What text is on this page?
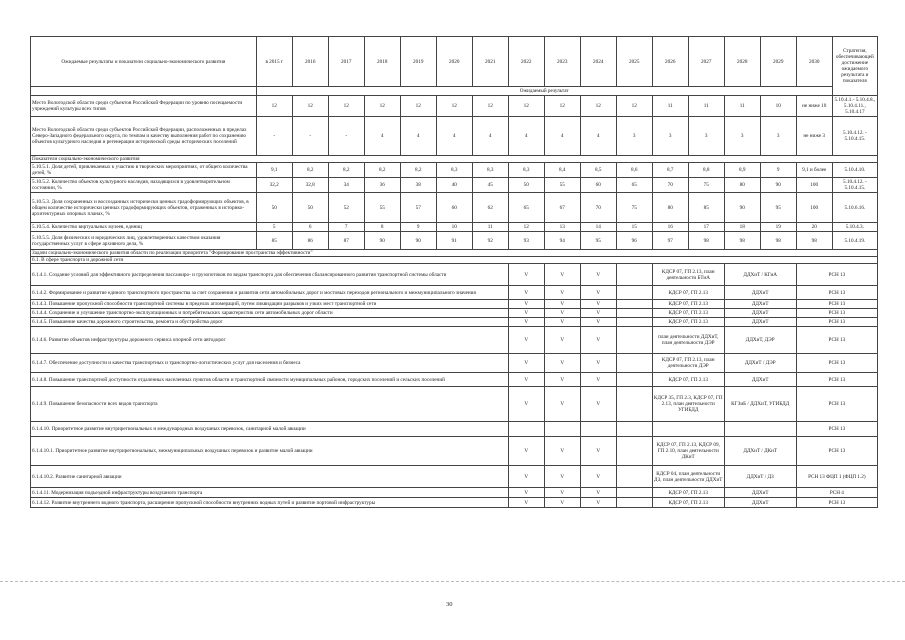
Ожидаемые результаты и показатели социально-экономического развития	в 2015 г	2016	2017	2018	2019	2020	2021	2022	2023	2024	2025	2026	2027	2028	2029	2030	Стратегия, обеспечивающей достижение ожидаемого результата и показателя
	Ожидаемый результат																
Место Вологодской области среди субъектов Российской Федерации по уровню посещаемости учреждений культуры всех типов	12	12	12	12	12	12	12	12	12	12	12	11	11	11	10	не ниже 10	5.10.4.1.- 5.10.4.8., 5.10.4.11., 5.10.4.17
Место Вологодской области среди субъектов Российской Федерации, расположенных в пределах Северо-Западного федерального округа, по темпам и качеству выполнения работ по сохранению объектов культурного наследия и регенерации исторической среды исторических поселений	-	-	-	4	4	4	4	4	4	4	3	3	3	3	3	не ниже 3	5.10.4.12. - 5.10.4.15.
Показатели социально-экономического развития																	
5.10.5.1. Доля детей, привлекаемых к участию в творческих мероприятиях, от общего количества детей, %	9,1	8,2	8,2	8,2	8,2	8,3	8,3	8,3	8,4	8,5	8,6	8,7	8,8	8,9	9	9,1 и более	5.10.4.10.
5.10.5.2. Количество объектов культурного наследия, находящихся в удовлетворительном состоянии, %	32,2	32,8	34	36	38	40	45	50	55	60	65	70	75	80	90	100	5.10.4.12. - 5.10.4.15.
5.10.5.3. Доля сохраненных и воссозданных исторически ценных градоформирующих объектов, в общем количестве исторически ценных градоформирующих объектов, отраженных в историко-архитектурных опорных планах, %	50	50	52	55	57	60	62	65	67	70	75	80	85	90	95	100	5.10.6.16.
5.10.5.4. Количество виртуальных музеев, единиц	5	6	7	8	9	10	11	12	13	14	15	16	17	18	19	20	5.10.4.3.
5.10.5.5. Доля физических и юридических лиц, удовлетворенных качеством оказания государственных услуг в сфере архивного дела, %	85	86	87	90	90	91	92	93	94	95	96	97	98	98	98	98	5.10.4.19.
Задачи социально-экономического развития области по реализации приоритета "Формирование пространства эффективности"																	
6.1. В сфере транспорта и дорожной сети																	
6.1.4.1. Создание условий для эффективного распределения пассажиро- и грузопотоков по видам транспорта для обеспечения сбалансированного развития транспортной системы области								V	V	V		КДСР 07, ГП 2.13, план деятельности БТиА		ДДХиТ / КГиА		РСН 13	
6.1.4.2. Формирование и развитие единого транспортного пространства за счет сохранения и развития сети автомобильных дорог и мостовых переходов регионального и межмуниципального значения								V	V	V		КДСР 07, ГП 2.13		ДДХиТ		РСН 13	
6.1.4.3. Повышение пропускной способности транспортной системы в пределах агломераций, путем ликвидации разрывов и узких мест транспортной сети								V	V	V		КДСР 07, ГП 2.13		ДДХиТ		РСН 13	
6.1.4.4. Сохранение и улучшение транспортно-эксплуатационных и потребительских характеристик сети автомобильных дорог области								V	V	V		КДСР 07, ГП 2.13		ДДХиТ		РСН 13	
6.1.4.5. Повышение качества дорожного строительства, ремонта и обустройства дорог								V	V	V		КДСР 07, ГП 2.13		ДДХиТ		РСН 13	
6.1.4.6. Развитие объектов инфраструктуры дорожного сервиса опорной сети автодорог								V	V	V		план деятельности ДДХиТ, план деятельности ДЭР		ДДХиТ, ДЭР		РСН 13	
6.1.4.7. Обеспечение доступности и качества транспортных и транспортно-логистических услуг для населения и бизнеса								V	V	V		КДСР 07, ГП 2.13, план деятельности ДЭР		ДДХиТ / ДЭР		РСН 13	
6.1.4.8. Повышение транспортной доступности отдаленных населенных пунктов области и транспортной связности муниципальных районов, городских поселений и сельских поселений								V	V	V		КДСР 07, ГП 2.13		ДДХиТ		РСН 13	
6.1.4.9. Повышение безопасности всех видов транспорта								V	V	V		КДСР 35, ГП 2.3, КДСР 07, ГП 2.13, план деятельности УГИБДД		КГЗиБ / ДДХиТ, УГИБДД		РСН 13	
6.1.4.10. Приоритетное развитие внутрирегиональных и международных воздушных перевозок, санитарной малой авиации																РСН 13	
6.1.4.10.1. Приоритетное развитие внутрирегиональных, межмуниципальных воздушных перевозок и развитие малой авиации								V	V	V		КДСР 07, ГП 2.13, КДСР 09, ГП 2.10, план деятельности ДКиТ		ДДХиТ / ДКиТ		РСН 13	
6.1.4.10.2. Развитие санитарной авиации								V	V	V		КДСР 04, план деятельности ДЗ, план деятельности ДДХиТ		ДДХиТ / ДЗ		РСН 13 ФЦП 1 (ФЦП 1.2)	
6.1.4.11. Модернизация подъездной инфраструктуры воздушного транспорта								V	V	V		КДСР 07, ГП 2.13		ДДХиТ		РСН 4	
6.1.4.12. Развитие внутреннего водного транспорта, расширение пропускной способности внутренних водных путей и развитие портовой инфраструктуры								V	V	V		КДСР 07, ГП 2.13		ДДХиТ		РСН 13	
30
